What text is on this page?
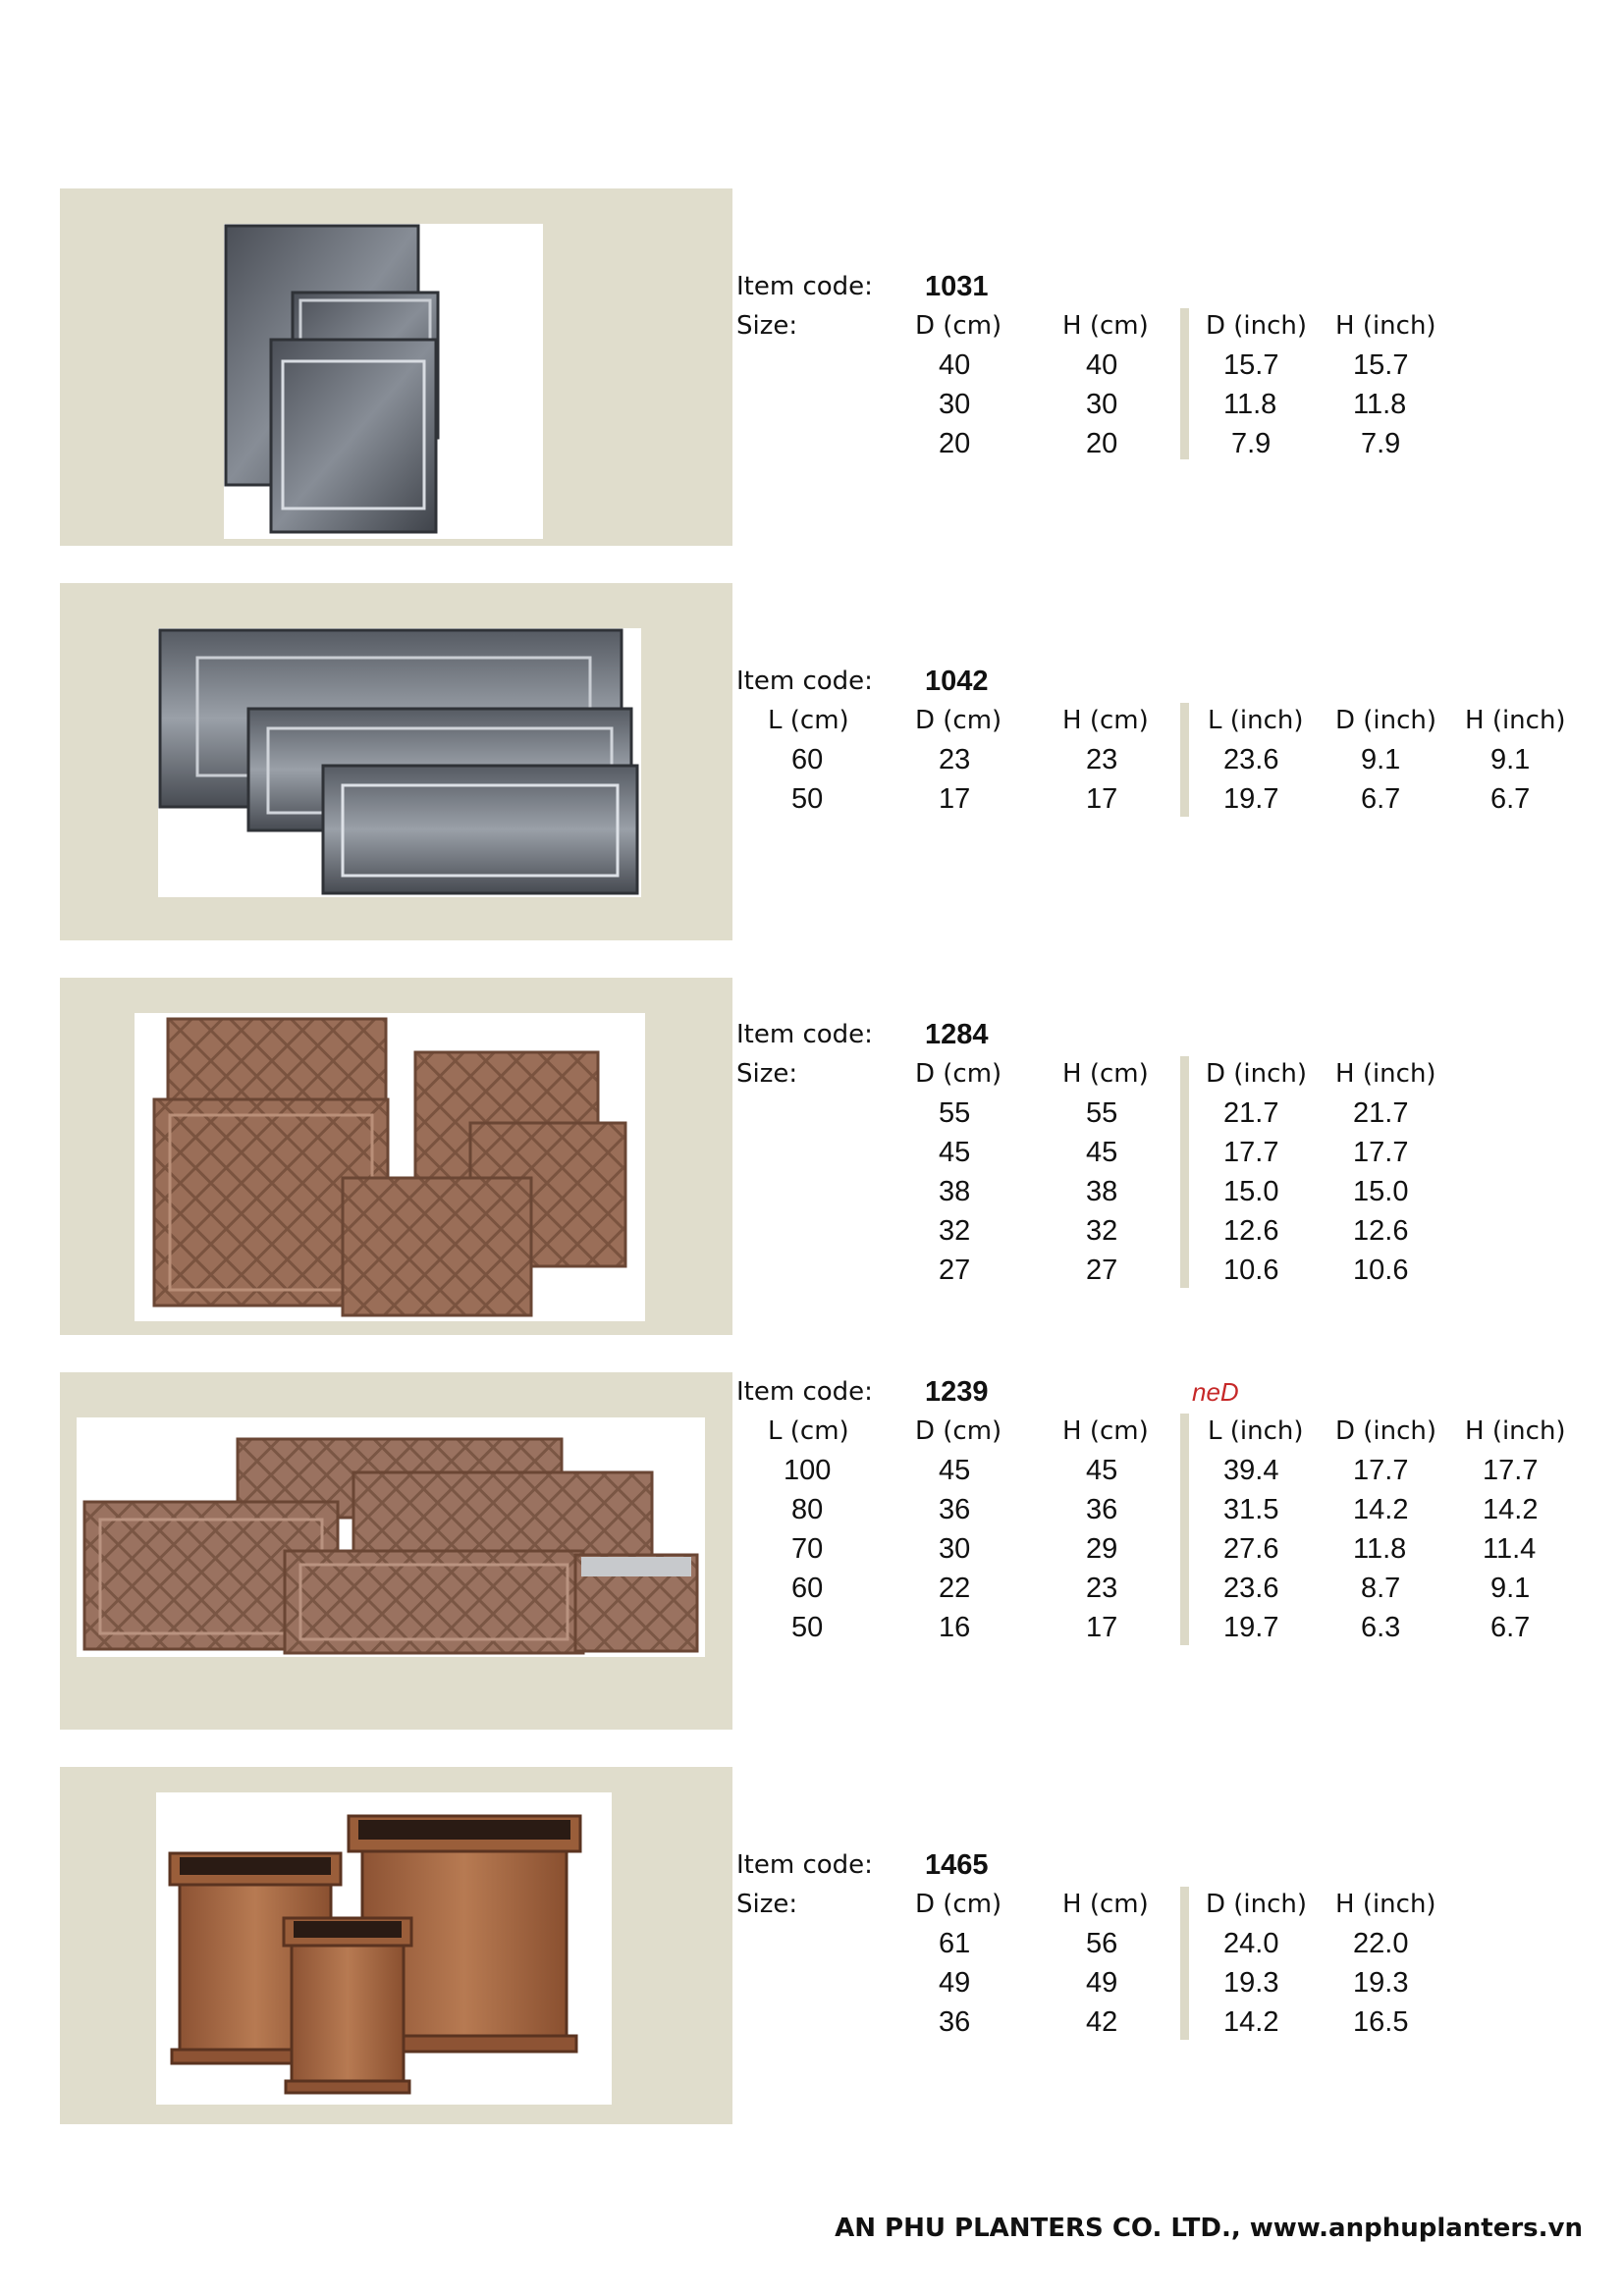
Item code: 1031
Size:	D (cm) H (cm) D (inch) H (inch)
40	40	15.7	15.7
30	30	11.8	11.8
20	20	7.9	7.9
Item code: 1042
L (cm)	D (cm) H (cm) L (inch) D (inch) H (inch)
60	23	23	23.6	9.1	9.1
50	17	17	19.7	6.7	6.7
Item code: 1284
Size:	D (cm) H (cm) D (inch) H (inch)
55	55	21.7	21.7
45	45	17.7	17.7
38	38	15.0	15.0
32	32	12.6	12.6
27	27	10.6	10.6
Item code: 1239	neD
L (cm)	D (cm) H (cm) L (inch) D (inch) H (inch)
100	45	45	39.4	17.7	17.7
80	36	36	31.5	14.2	14.2
70	30	29	27.6	11.8	11.4
60	22	23	23.6	8.7	9.1
50	16	17	19.7	6.3	6.7
Item code: 1465
Size:	D (cm) H (cm) D (inch) H (inch)
61	56	24.0	22.0
49	49	19.3	19.3
36	42	14.2	16.5
AN PHU PLANTERS CO. LTD., www.anphuplanters.vn
